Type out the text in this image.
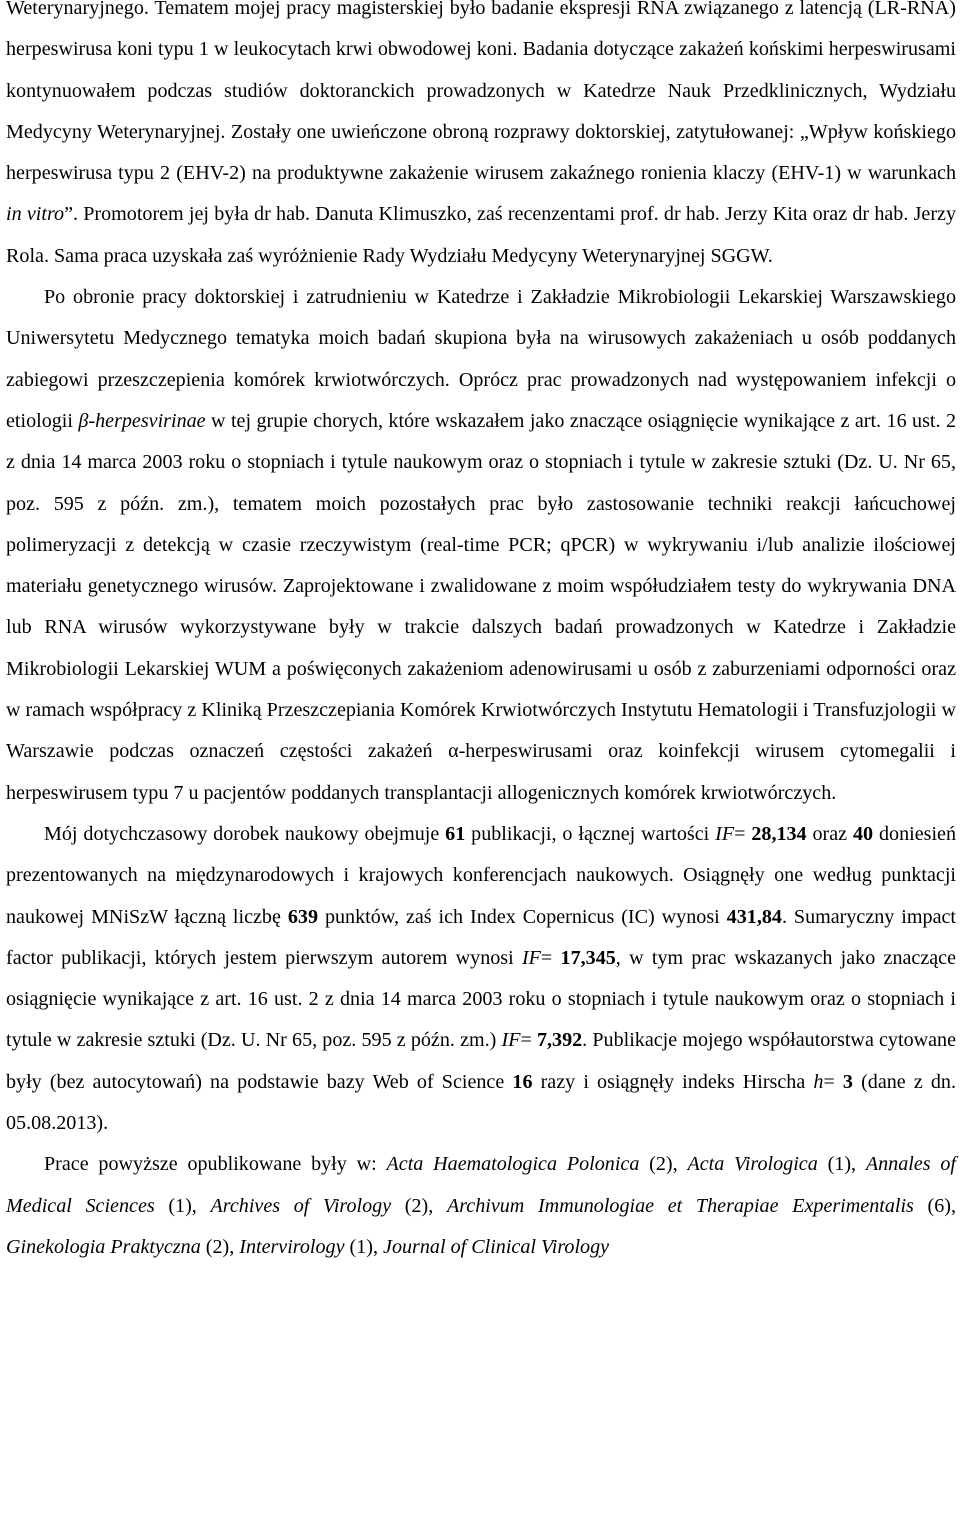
Weterynaryjnego. Tematem mojej pracy magisterskiej było badanie ekspresji RNA związanego z latencją (LR-RNA) herpeswirusa koni typu 1 w leukocytach krwi obwodowej koni. Badania dotyczące zakażeń końskimi herpeswirusami kontynuowałem podczas studiów doktoranckich prowadzonych w Katedrze Nauk Przedklinicznych, Wydziału Medycyny Weterynaryjnej. Zostały one uwieńczone obroną rozprawy doktorskiej, zatytułowanej: „Wpływ końskiego herpeswirusa typu 2 (EHV-2) na produktywne zakażenie wirusem zakaźnego ronienia klaczy (EHV-1) w warunkach in vitro”. Promotorem jej była dr hab. Danuta Klimuszko, zaś recenzentami prof. dr hab. Jerzy Kita oraz dr hab. Jerzy Rola. Sama praca uzyskała zaś wyróżnienie Rady Wydziału Medycyny Weterynaryjnej SGGW.

Po obronie pracy doktorskiej i zatrudnieniu w Katedrze i Zakładzie Mikrobiologii Lekarskiej Warszawskiego Uniwersytetu Medycznego tematyka moich badań skupiona była na wirusowych zakażeniach u osób poddanych zabiegowi przeszczepienia komórek krwiotwórczych. Oprócz prac prowadzonych nad występowaniem infekcji o etiologii β-herpesvirinae w tej grupie chorych, które wskazałem jako znaczące osiągnięcie wynikające z art. 16 ust. 2 z dnia 14 marca 2003 roku o stopniach i tytule naukowym oraz o stopniach i tytule w zakresie sztuki (Dz. U. Nr 65, poz. 595 z późn. zm.), tematem moich pozostałych prac było zastosowanie techniki reakcji łańcuchowej polimeryzacji z detekcją w czasie rzeczywistym (real-time PCR; qPCR) w wykrywaniu i/lub analizie ilościowej materiału genetycznego wirusów. Zaprojektowane i zwalidowane z moim współudziałem testy do wykrywania DNA lub RNA wirusów wykorzystywane były w trakcie dalszych badań prowadzonych w Katedrze i Zakładzie Mikrobiologii Lekarskiej WUM a poświęconych zakażeniom adenowirusami u osób z zaburzeniami odporności oraz w ramach współpracy z Kliniką Przeszczepiania Komórek Krwiotwórczych Instytutu Hematologii i Transfuzjologii w Warszawie podczas oznaczeń częstości zakażeń α-herpeswirusami oraz koinfekcji wirusem cytomegalii i herpeswirusem typu 7 u pacjentów poddanych transplantacji allogenicznych komórek krwiotwórczych.

Mój dotychczasowy dorobek naukowy obejmuje 61 publikacji, o łącznej wartości IF= 28,134 oraz 40 doniesień prezentowanych na międzynarodowych i krajowych konferencjach naukowych. Osiągnęły one według punktacji naukowej MNiSzW łączną liczbę 639 punktów, zaś ich Index Copernicus (IC) wynosi 431,84. Sumaryczny impact factor publikacji, których jestem pierwszym autorem wynosi IF= 17,345, w tym prac wskazanych jako znaczące osiągnięcie wynikające z art. 16 ust. 2 z dnia 14 marca 2003 roku o stopniach i tytule naukowym oraz o stopniach i tytule w zakresie sztuki (Dz. U. Nr 65, poz. 595 z późn. zm.) IF= 7,392. Publikacje mojego współautorstwa cytowane były (bez autocytowań) na podstawie bazy Web of Science 16 razy i osiągnęły indeks Hirscha h= 3 (dane z dn. 05.08.2013).

Prace powyższe opublikowane były w: Acta Haematologica Polonica (2), Acta Virologica (1), Annales of Medical Sciences (1), Archives of Virology (2), Archivum Immunologiae et Therapiae Experimentalis (6), Ginekologia Praktyczna (2), Intervirology (1), Journal of Clinical Virology
